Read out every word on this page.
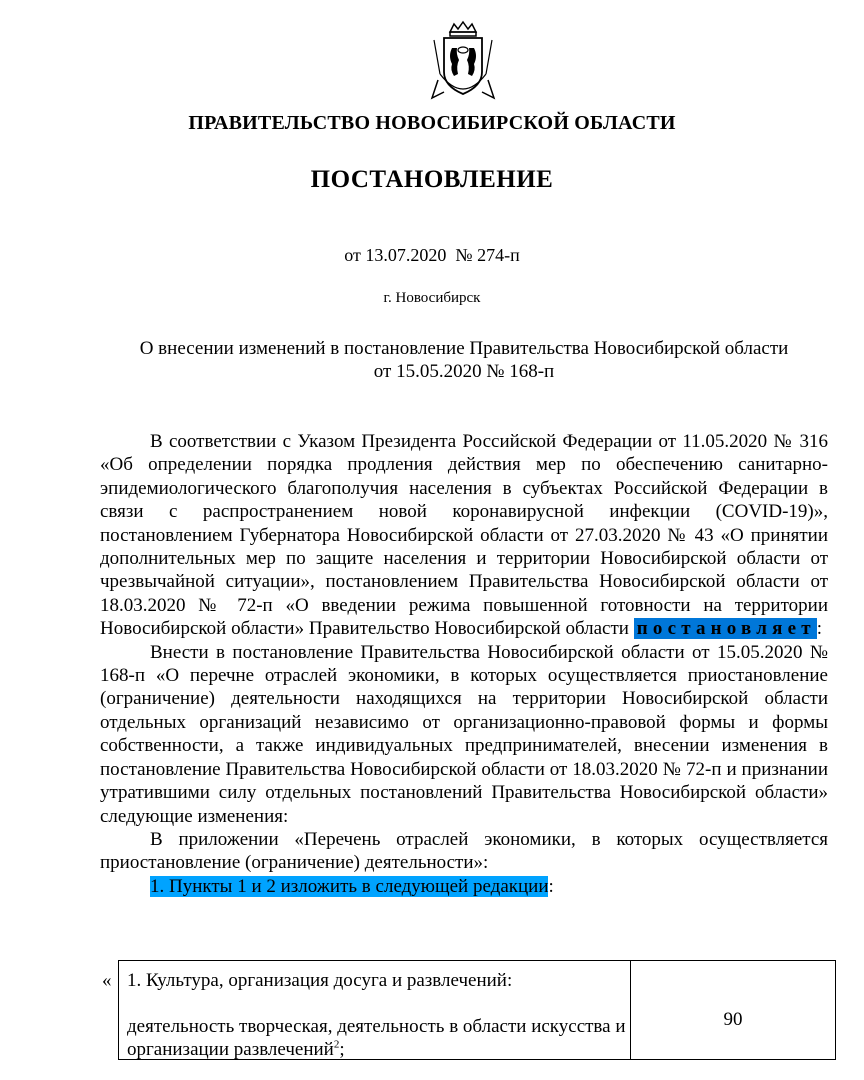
ПРАВИТЕЛЬСТВО НОВОСИБИРСКОЙ ОБЛАСТИ
ПОСТАНОВЛЕНИЕ
от 13.07.2020 № 274-п
г. Новосибирск
О внесении изменений в постановление Правительства Новосибирской области
от 15.05.2020 № 168-п

В соответствии с Указом Президента Российской Федерации от 11.05.2020 № 316 «Об определении порядка продления действия мер по обеспечению санитарно-эпидемиологического благополучия населения в субъектах Российской Федерации в связи с распространением новой коронавирусной инфекции (COVID-19)», постановлением Губернатора Новосибирской области от 27.03.2020 № 43 «О принятии дополнительных мер по защите населения и территории Новосибирской области от чрезвычайной ситуации», постановлением Правительства Новосибирской области от 18.03.2020 № 72-п «О введении режима повышенной готовности на территории Новосибирской области» Правительство Новосибирской области постановляет:

Внести в постановление Правительства Новосибирской области от 15.05.2020 № 168-п «О перечне отраслей экономики, в которых осуществляется приостановление (ограничение) деятельности находящихся на территории Новосибирской области отдельных организаций независимо от организационно-правовой формы и формы собственности, а также индивидуальных предпринимателей, внесении изменения в постановление Правительства Новосибирской области от 18.03.2020 № 72-п и признании утратившими силу отдельных постановлений Правительства Новосибирской области» следующие изменения:

В приложении «Перечень отраслей экономики, в которых осуществляется приостановление (ограничение) деятельности»:

1. Пункты 1 и 2 изложить в следующей редакции:

« 1. Культура, организация досуга и развлечений:
деятельность творческая, деятельность в области искусства и организации развлечений$^2$;
90
